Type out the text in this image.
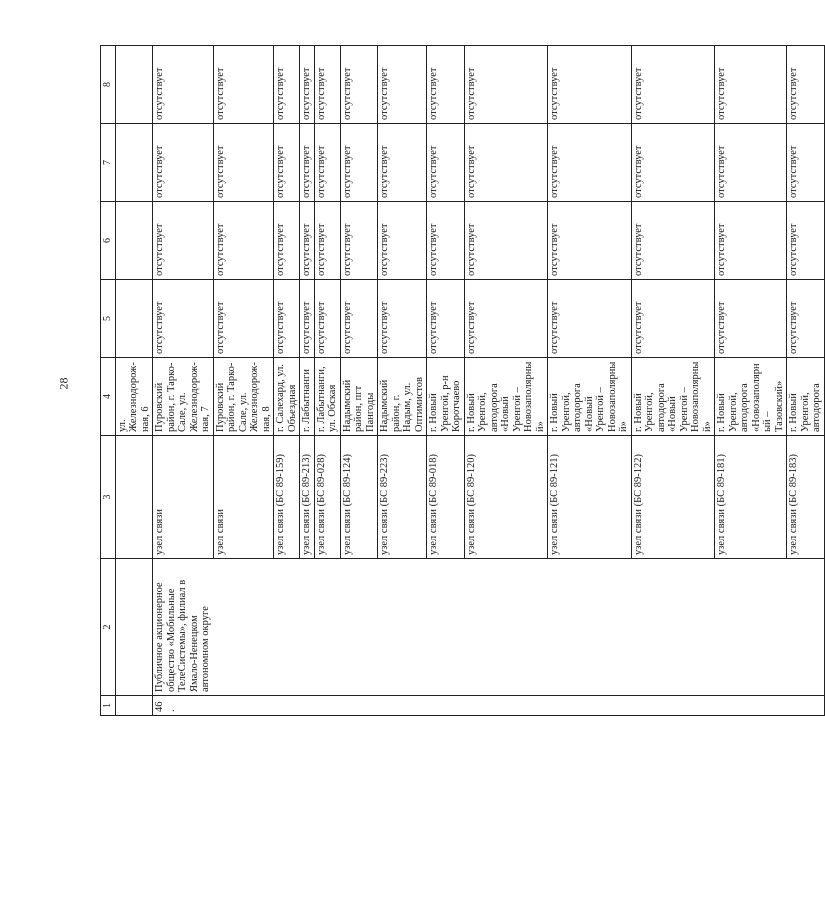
28
1	2	3	4	5	6	7	8
			ул. Железнодорож-ная, 6				
46.	Публичное акционерное общество «Мобильные ТелеСистемы», филиал в Ямало-Ненецком автономном округе	узел связи	Пуровский район, г. Тарко-Сале, ул. Железнодорож-ная, 7	отсутствует	отсутствует	отсутствует	отсутствует
		узел связи	Пуровский район, г. Тарко-Сале, ул. Железнодорож-ная, 8	отсутствует	отсутствует	отсутствует	отсутствует
		узел связи (БС 89-159)	г. Салехард, ул. Объездная	отсутствует	отсутствует	отсутствует	отсутствует
		узел связи (БС 89-213)	г. Лабытнанги	отсутствует	отсутствует	отсутствует	отсутствует
		узел связи (БС 89-028)	г. Лабытнанги, ул. Обская	отсутствует	отсутствует	отсутствует	отсутствует
		узел связи (БС 89-124)	Надымский район, пгт Пангоды	отсутствует	отсутствует	отсутствует	отсутствует
		узел связи (БС 89-223)	Надымский район, г. Надым, ул. Оптимистов	отсутствует	отсутствует	отсутствует	отсутствует
		узел связи (БС 89-018)	г. Новый Уренгой, р-н Коротчаево	отсутствует	отсутствует	отсутствует	отсутствует
		узел связи (БС 89-120)	г. Новый Уренгой, автодорога «Новый Уренгой – Новозаполярный»	отсутствует	отсутствует	отсутствует	отсутствует
		узел связи (БС 89-121)	г. Новый Уренгой, автодорога «Новый Уренгой – Новозаполярный»	отсутствует	отсутствует	отсутствует	отсутствует
		узел связи (БС 89-122)	г. Новый Уренгой, автодорога «Новый Уренгой – Новозаполярный»	отсутствует	отсутствует	отсутствует	отсутствует
		узел связи (БС 89-181)	г. Новый Уренгой, автодорога «Новозаполярный – Тазовский»	отсутствует	отсутствует	отсутствует	отсутствует
		узел связи (БС 89-183)	г. Новый Уренгой, автодорога	отсутствует	отсутствует	отсутствует	отсутствует
